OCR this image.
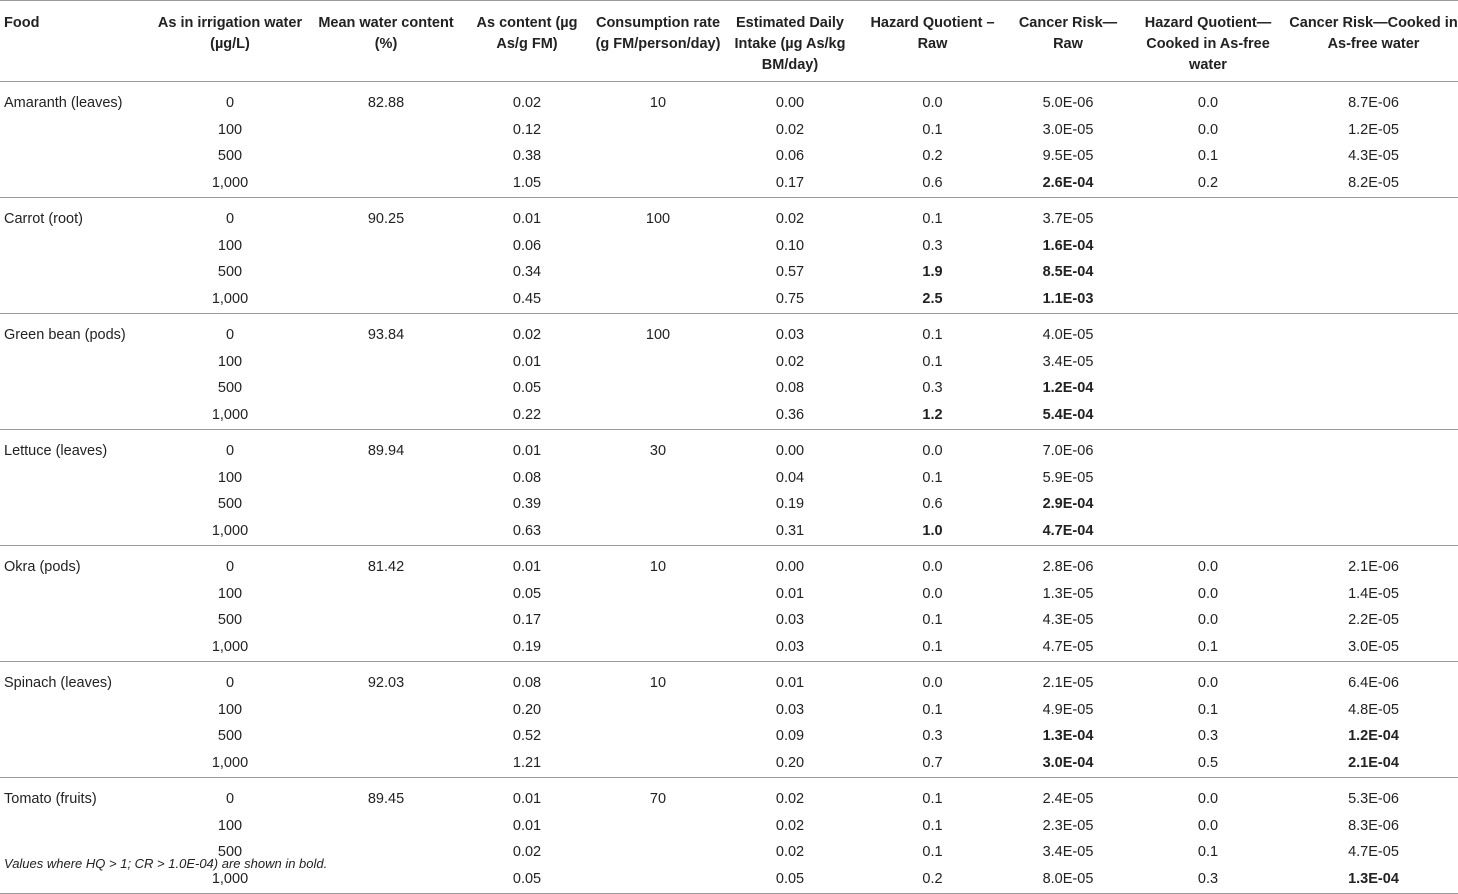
Food	As in irrigation water (µg/L)	Mean water content (%)	As content (µg As/g FM)	Consumption rate (g FM/person/day)	Estimated Daily Intake (µg As/kg BM/day)	Hazard Quotient – Raw	Cancer Risk—Raw	Hazard Quotient—Cooked in As-free water	Cancer Risk—Cooked in As-free water

Amaranth (leaves)	0	82.88	0.02	10	0.00	0.0	5.0E-06	0.0	8.7E-06
	100		0.12		0.02	0.1	3.0E-05	0.0	1.2E-05
	500		0.38		0.06	0.2	9.5E-05	0.1	4.3E-05
	1,000		1.05		0.17	0.6	2.6E-04	0.2	8.2E-05
Carrot (root)	0	90.25	0.01	100	0.02	0.1	3.7E-05		
	100		0.06		0.10	0.3	1.6E-04		
	500		0.34		0.57	1.9	8.5E-04		
	1,000		0.45		0.75	2.5	1.1E-03		
Green bean (pods)	0	93.84	0.02	100	0.03	0.1	4.0E-05		
	100		0.01		0.02	0.1	3.4E-05		
	500		0.05		0.08	0.3	1.2E-04		
	1,000		0.22		0.36	1.2	5.4E-04		
Lettuce (leaves)	0	89.94	0.01	30	0.00	0.0	7.0E-06		
	100		0.08		0.04	0.1	5.9E-05		
	500		0.39		0.19	0.6	2.9E-04		
	1,000		0.63		0.31	1.0	4.7E-04		
Okra (pods)	0	81.42	0.01	10	0.00	0.0	2.8E-06	0.0	2.1E-06
	100		0.05		0.01	0.0	1.3E-05	0.0	1.4E-05
	500		0.17		0.03	0.1	4.3E-05	0.0	2.2E-05
	1,000		0.19		0.03	0.1	4.7E-05	0.1	3.0E-05
Spinach (leaves)	0	92.03	0.08	10	0.01	0.0	2.1E-05	0.0	6.4E-06
	100		0.20		0.03	0.1	4.9E-05	0.1	4.8E-05
	500		0.52		0.09	0.3	1.3E-04	0.3	1.2E-04
	1,000		1.21		0.20	0.7	3.0E-04	0.5	2.1E-04
Tomato (fruits)	0	89.45	0.01	70	0.02	0.1	2.4E-05	0.0	5.3E-06
	100		0.01		0.02	0.1	2.3E-05	0.0	8.3E-06
	500		0.02		0.02	0.1	3.4E-05	0.1	4.7E-05
	1,000		0.05		0.05	0.2	8.0E-05	0.3	1.3E-04
Values where HQ > 1; CR > 1.0E-04) are shown in bold.
